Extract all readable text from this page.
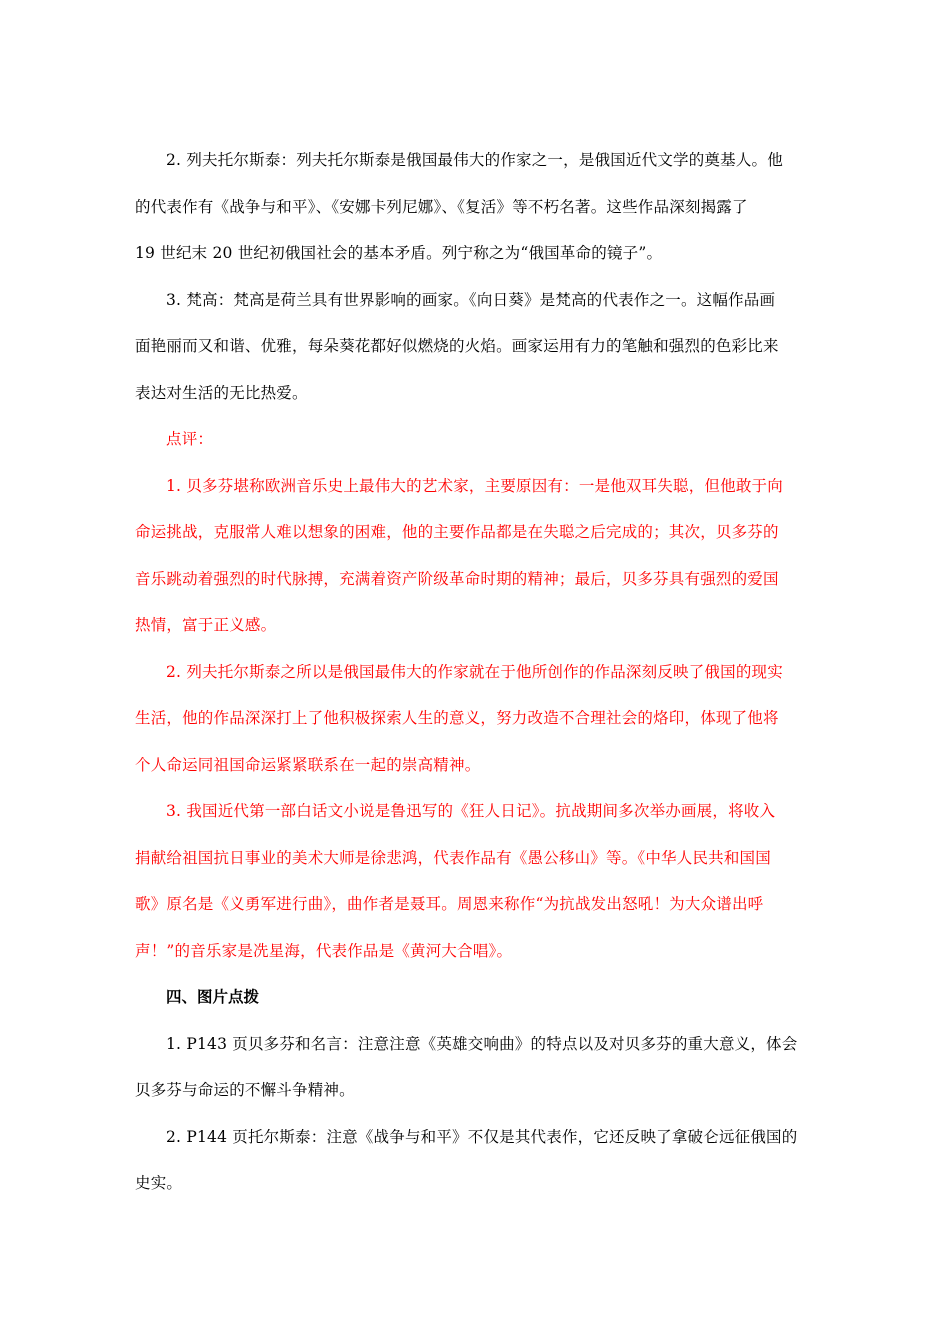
2. 列夫托尔斯泰：列夫托尔斯泰是俄国最伟大的作家之一，是俄国近代文学的奠基人。他
的代表作有《战争与和平》、《安娜卡列尼娜》、《复活》等不朽名著。这些作品深刻揭露了
19 世纪末 20 世纪初俄国社会的基本矛盾。列宁称之为“俄国革命的镜子”。

3. 梵高：梵高是荷兰具有世界影响的画家。《向日葵》是梵高的代表作之一。这幅作品画
面艳丽而又和谐、优雅，每朵葵花都好似燃烧的火焰。画家运用有力的笔触和强烈的色彩比来
表达对生活的无比热爱。

点评：

1. 贝多芬堪称欧洲音乐史上最伟大的艺术家，主要原因有：一是他双耳失聪，但他敢于向
命运挑战，克服常人难以想象的困难，他的主要作品都是在失聪之后完成的；其次，贝多芬的
音乐跳动着强烈的时代脉搏，充满着资产阶级革命时期的精神；最后，贝多芬具有强烈的爱国
热情，富于正义感。

2. 列夫托尔斯泰之所以是俄国最伟大的作家就在于他所创作的作品深刻反映了俄国的现实
生活，他的作品深深打上了他积极探索人生的意义，努力改造不合理社会的烙印，体现了他将
个人命运同祖国命运紧紧联系在一起的崇高精神。

3. 我国近代第一部白话文小说是鲁迅写的《狂人日记》。抗战期间多次举办画展，将收入
捐献给祖国抗日事业的美术大师是徐悲鸿，代表作品有《愚公移山》等。《中华人民共和国国
歌》原名是《义勇军进行曲》，曲作者是聂耳。周恩来称作“为抗战发出怒吼！为大众谱出呼
声！”的音乐家是冼星海，代表作品是《黄河大合唱》。

四、图片点拨

1. P143 页贝多芬和名言：注意注意《英雄交响曲》的特点以及对贝多芬的重大意义，体会
贝多芬与命运的不懈斗争精神。

2. P144 页托尔斯泰：注意《战争与和平》不仅是其代表作，它还反映了拿破仑远征俄国的
史实。
